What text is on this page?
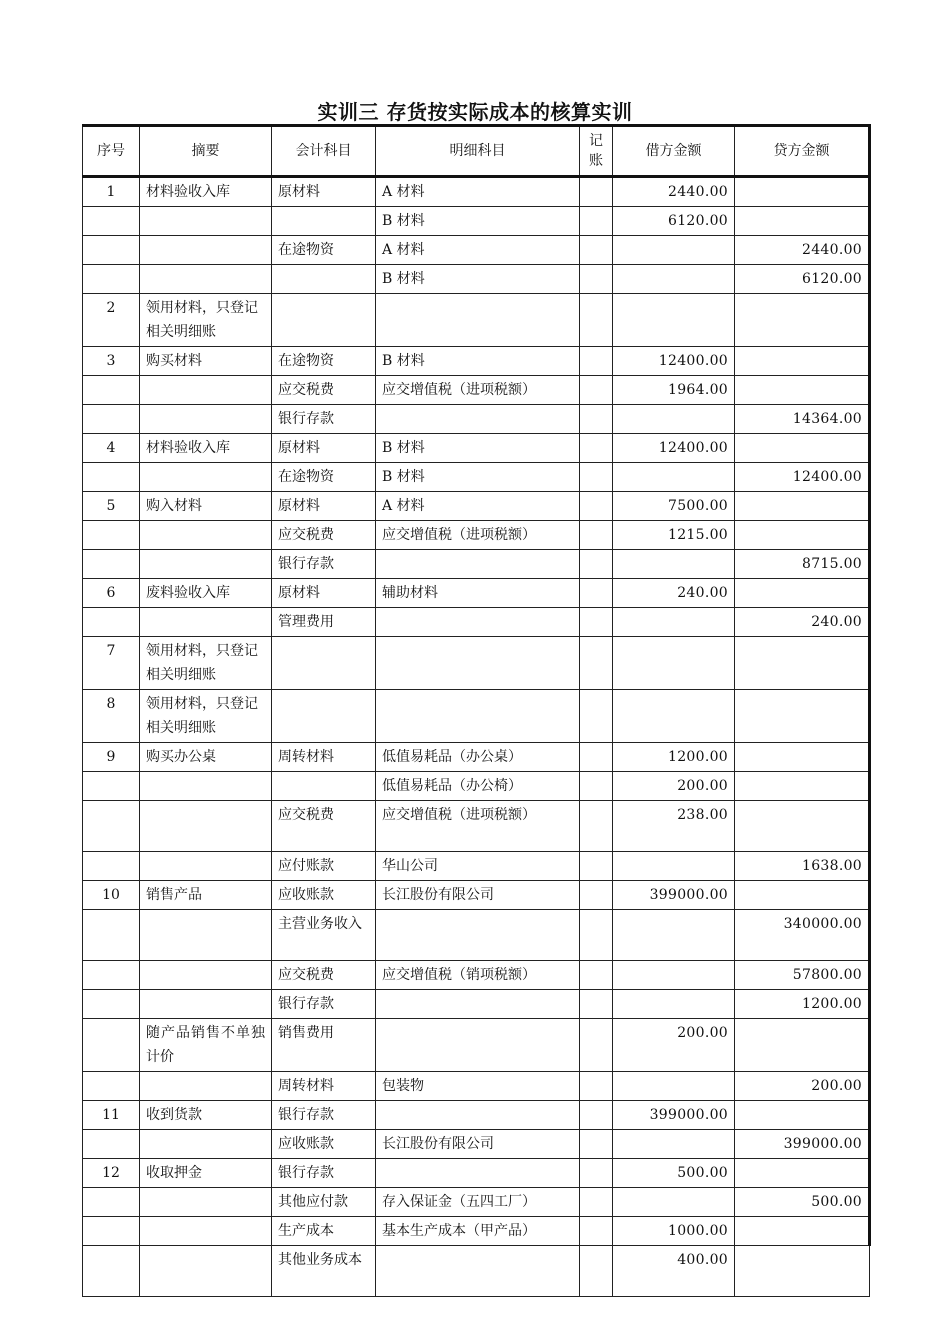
实训三 存货按实际成本的核算实训
序号	摘要	会计科目	明细科目	记账	借方金额	贷方金额
1	材料验收入库	原材料	A 材料		2440.00	
			B 材料		6120.00	
		在途物资	A 材料			2440.00
			B 材料			6120.00
2	领用材料，只登记相关明细账					
3	购买材料	在途物资	B 材料		12400.00	
		应交税费	应交增值税（进项税额）		1964.00	
		银行存款				14364.00
4	材料验收入库	原材料	B 材料		12400.00	
		在途物资	B 材料			12400.00
5	购入材料	原材料	A 材料		7500.00	
		应交税费	应交增值税（进项税额）		1215.00	
		银行存款				8715.00
6	废料验收入库	原材料	辅助材料		240.00	
		管理费用				240.00
7	领用材料，只登记相关明细账					
8	领用材料，只登记相关明细账					
9	购买办公桌	周转材料	低值易耗品（办公桌）		1200.00	
			低值易耗品（办公椅）		200.00	
		应交税费	应交增值税（进项税额）		238.00	
		应付账款	华山公司			1638.00
10	销售产品	应收账款	长江股份有限公司		399000.00	
		主营业务收入				340000.00
		应交税费	应交增值税（销项税额）			57800.00
		银行存款				1200.00
	随产品销售不单独计价	销售费用			200.00	
		周转材料	包装物			200.00
11	收到货款	银行存款			399000.00	
		应收账款	长江股份有限公司			399000.00
12	收取押金	银行存款			500.00	
		其他应付款	存入保证金（五四工厂）			500.00
		生产成本	基本生产成本（甲产品）		1000.00	
		其他业务成本			400.00	
